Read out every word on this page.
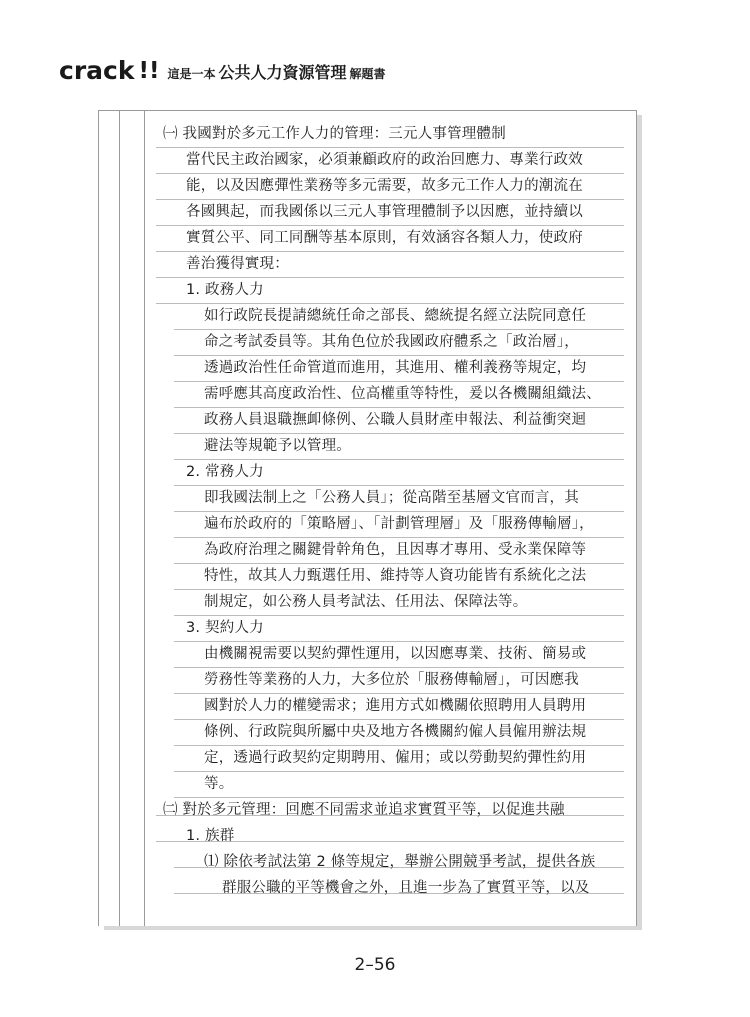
crack !! 這是一本 公共人力資源管理 解題書
㈠ 我國對於多元工作人力的管理：三元人事管理體制
當代民主政治國家，必須兼顧政府的政治回應力、專業行政效
能，以及因應彈性業務等多元需要，故多元工作人力的潮流在
各國興起，而我國係以三元人事管理體制予以因應，並持續以
實質公平、同工同酬等基本原則，有效涵容各類人力，使政府
善治獲得實現：
1. 政務人力
如行政院長提請總統任命之部長、總統提名經立法院同意任
命之考試委員等。其角色位於我國政府體系之「政治層」，
透過政治性任命管道而進用，其進用、權利義務等規定，均
需呼應其高度政治性、位高權重等特性，爰以各機關組織法、
政務人員退職撫卹條例、公職人員財產申報法、利益衝突迴
避法等規範予以管理。
2. 常務人力
即我國法制上之「公務人員」；從高階至基層文官而言，其
遍布於政府的「策略層」、「計劃管理層」及「服務傳輸層」，
為政府治理之關鍵骨幹角色，且因專才專用、受永業保障等
特性，故其人力甄選任用、維持等人資功能皆有系統化之法
制規定，如公務人員考試法、任用法、保障法等。
3. 契約人力
由機關視需要以契約彈性運用，以因應專業、技術、簡易或
勞務性等業務的人力，大多位於「服務傳輸層」，可因應我
國對於人力的權變需求；進用方式如機關依照聘用人員聘用
條例、行政院與所屬中央及地方各機關約僱人員僱用辦法規
定，透過行政契約定期聘用、僱用；或以勞動契約彈性約用
等。
㈡ 對於多元管理：回應不同需求並追求實質平等，以促進共融
1. 族群
⑴ 除依考試法第 2 條等規定，舉辦公開競爭考試，提供各族
群服公職的平等機會之外，且進一步為了實質平等，以及
2–56
